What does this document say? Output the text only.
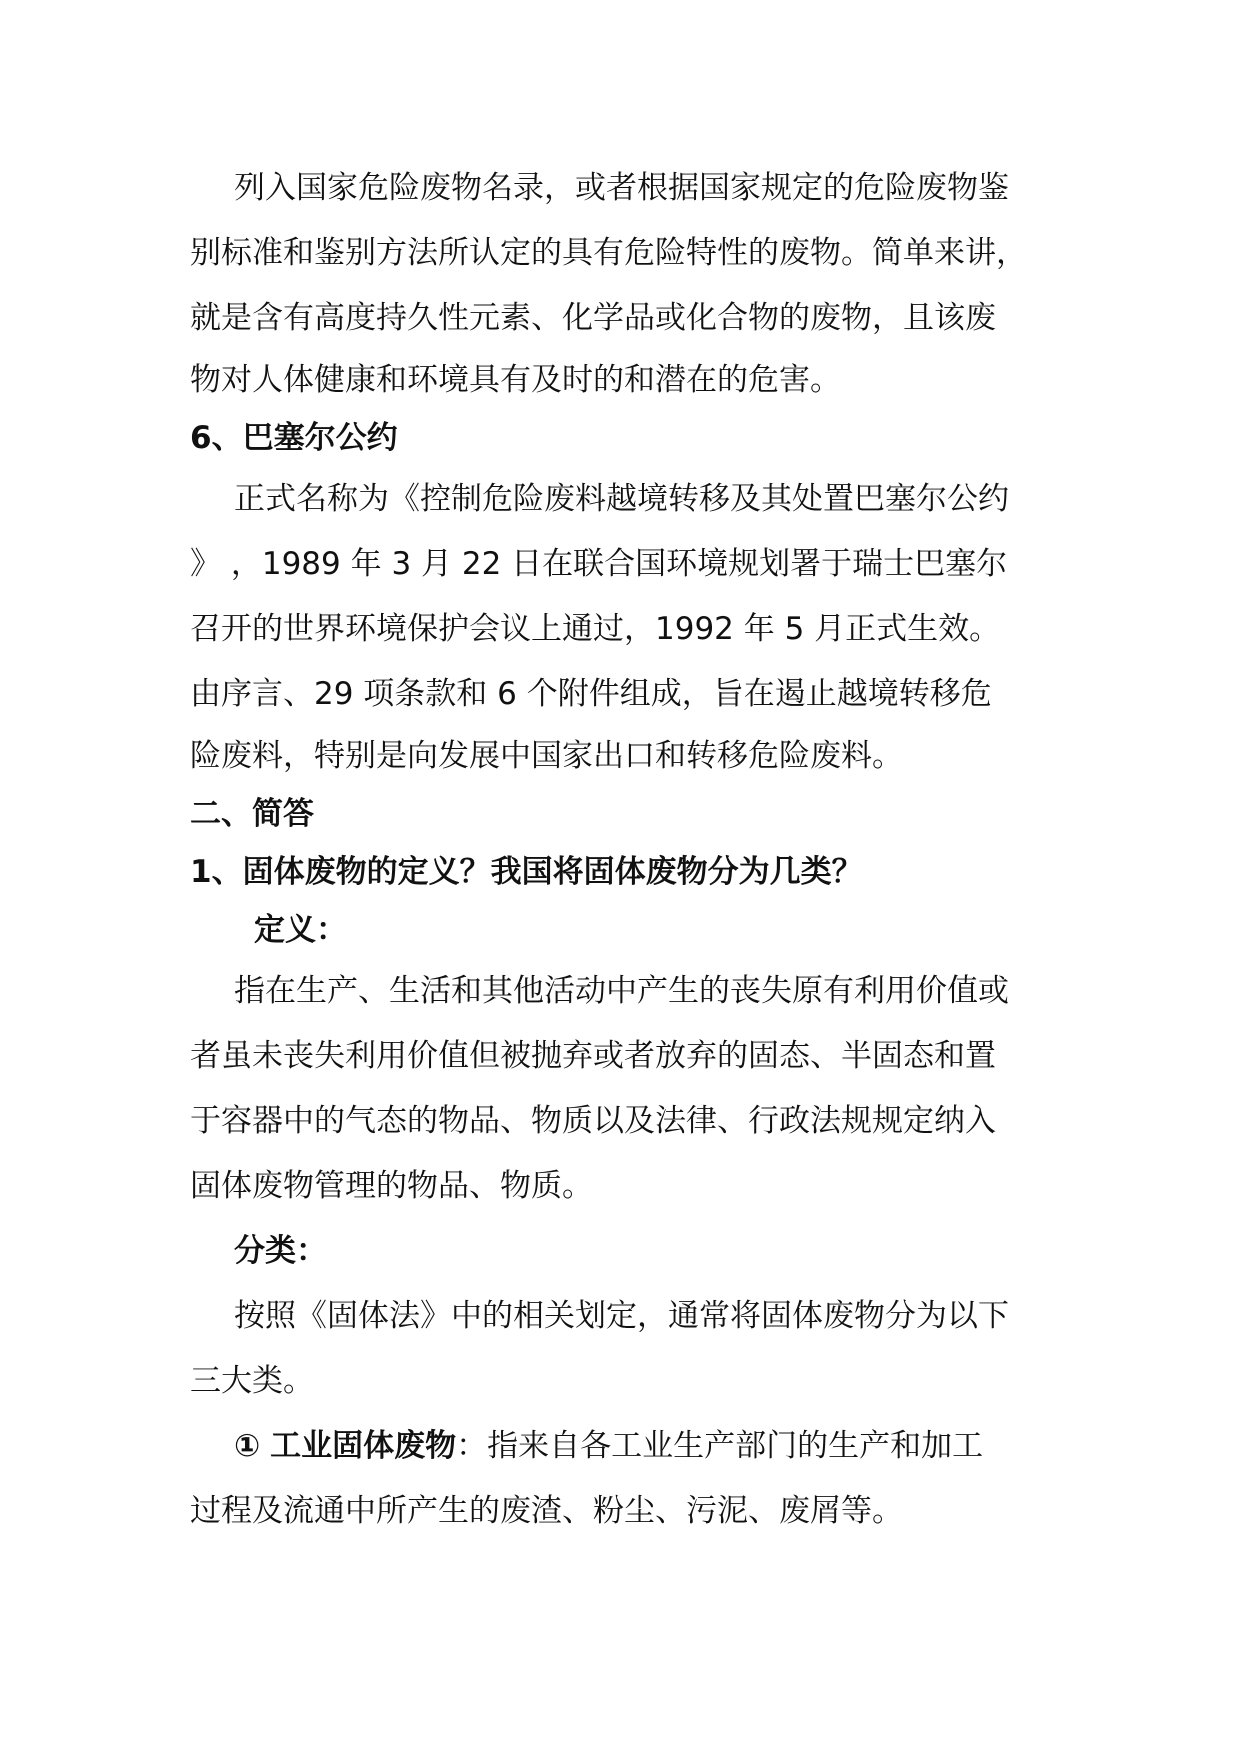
列入国家危险废物名录，或者根据国家规定的危险废物鉴
别标准和鉴别方法所认定的具有危险特性的废物。简单来讲，
就是含有高度持久性元素、化学品或化合物的废物，且该废
物对人体健康和环境具有及时的和潜在的危害。
6、巴塞尔公约
正式名称为《控制危险废料越境转移及其处置巴塞尔公约
》 ，1989 年 3 月 22 日在联合国环境规划署于瑞士巴塞尔
召开的世界环境保护会议上通过，1992 年 5 月正式生效。
由序言、29 项条款和 6 个附件组成，旨在遏止越境转移危
险废料，特别是向发展中国家出口和转移危险废料。
二、简答
1、固体废物的定义？我国将固体废物分为几类？
定义：
指在生产、生活和其他活动中产生的丧失原有利用价值或
者虽未丧失利用价值但被抛弃或者放弃的固态、半固态和置
于容器中的气态的物品、物质以及法律、行政法规规定纳入
固体废物管理的物品、物质。
分类：
按照《固体法》中的相关划定，通常将固体废物分为以下
三大类。
① 工业固体废物：指来自各工业生产部门的生产和加工
过程及流通中所产生的废渣、粉尘、污泥、废屑等。
